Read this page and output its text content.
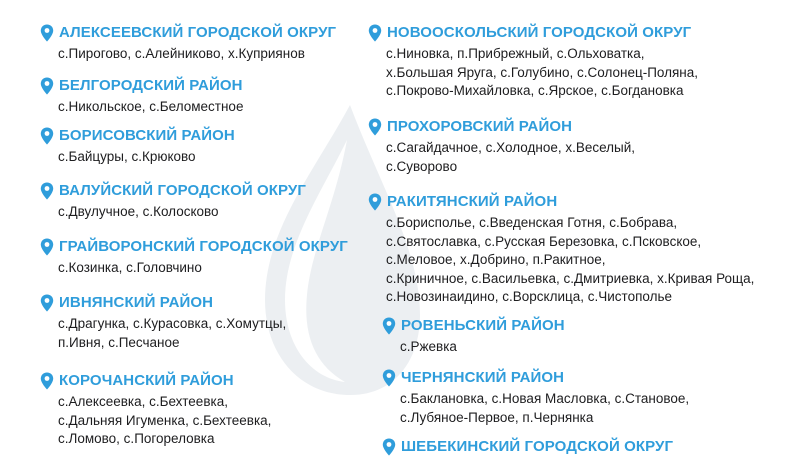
АЛЕКСЕЕВСКИЙ ГОРОДСКОЙ ОКРУГ
с.Пирогово, с.Алейниково, х.Куприянов
БЕЛГОРОДСКИЙ РАЙОН
с.Никольское, с.Беломестное
БОРИСОВСКИЙ РАЙОН
с.Байцуры, с.Крюково
ВАЛУЙСКИЙ ГОРОДСКОЙ ОКРУГ
с.Двулучное, с.Колосково
ГРАЙВОРОНСКИЙ ГОРОДСКОЙ ОКРУГ
с.Козинка, с.Головчино
ИВНЯНСКИЙ РАЙОН
с.Драгунка, с.Курасовка, с.Хомутцы,
п.Ивня, с.Песчаное
КОРОЧАНСКИЙ РАЙОН
с.Алексеевка, с.Бехтеевка,
с.Дальняя Игуменка, с.Бехтеевка,
с.Ломово, с.Погореловка
НОВООСКОЛЬСКИЙ ГОРОДСКОЙ ОКРУГ
с.Ниновка, п.Прибрежный, с.Ольховатка,
х.Большая Яруга, с.Голубино, с.Солонец-Поляна,
с.Покрово-Михайловка, с.Ярское, с.Богдановка
ПРОХОРОВСКИЙ РАЙОН
с.Сагайдачное, с.Холодное, х.Веселый,
с.Суворово
РАКИТЯНСКИЙ РАЙОН
с.Борисполье, с.Введенская Готня, с.Бобрава,
с.Святославка, с.Русская Березовка, с.Псковское,
с.Меловое, х.Добрино, п.Ракитное,
с.Криничное, с.Васильевка, с.Дмитриевка, х.Кривая Роща,
с.Новозинаидино, с.Ворсклица, с.Чистополье
РОВЕНЬСКИЙ РАЙОН
с.Ржевка
ЧЕРНЯНСКИЙ РАЙОН
с.Баклановка, с.Новая Масловка, с.Становое,
с.Лубяное-Первое, п.Чернянка
ШЕБЕКИНСКИЙ ГОРОДСКОЙ ОКРУГ
